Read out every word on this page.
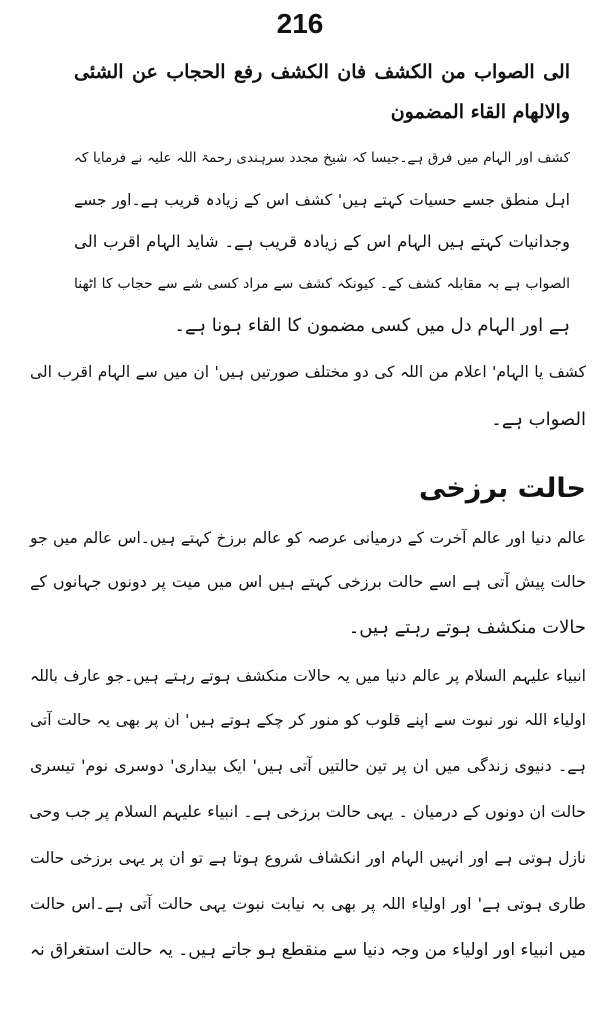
216
الى الصواب من الكشف فان الكشف رفع الحجاب عن الشئى
والالهام القاء المضمون
کشف اور الہام میں فرق ہے۔جیسا کہ شیخ مجدد سرہندی رحمۃ اللہ علیہ نے فرمایا کہ
اہل منطق جسے حسیات کہتے ہیں' کشف اس کے زیادہ قریب ہے۔اور جسے
وجدانیات کہتے ہیں الہام اس کے زیادہ قریب ہے۔ شاید الہام اقرب الی
الصواب ہے بہ مقابلہ کشف کے۔ کیونکہ کشف سے مراد کسی شے سے حجاب کا اٹھنا
ہے اور الہام دل میں کسی مضمون کا القاء ہونا ہے۔
کشف یا الہام' اعلام من اللہ کی دو مختلف صورتیں ہیں' ان میں سے الہام اقرب الی
الصواب ہے۔
حالت برزخی
عالم دنیا اور عالم آخرت کے درمیانی عرصہ کو عالم برزخ کہتے ہیں۔اس عالم میں جو
حالت پیش آتی ہے اسے حالت برزخی کہتے ہیں اس میں میت پر دونوں جہانوں کے
حالات منکشف ہوتے رہتے ہیں۔
انبیاء علیہم السلام پر عالم دنیا میں یہ حالات منکشف ہوتے رہتے ہیں۔جو عارف باللہ
اولیاء اللہ نور نبوت سے اپنے قلوب کو منور کر چکے ہوتے ہیں' ان پر بھی یہ حالت آتی
ہے۔ دنیوی زندگی میں ان پر تین حالتیں آتی ہیں' ایک بیداری' دوسری نوم' تیسری
حالت ان دونوں کے درمیان ۔ یہی حالت برزخی ہے۔ انبیاء علیہم السلام پر جب وحی
نازل ہوتی ہے اور انہیں الہام اور انکشاف شروع ہوتا ہے تو ان پر یہی برزخی حالت
طاری ہوتی ہے' اور اولیاء اللہ پر بھی بہ نیابت نبوت یہی حالت آتی ہے۔اس حالت
میں انبیاء اور اولیاء من وجہ دنیا سے منقطع ہو جاتے ہیں۔ یہ حالت استغراق نہ
